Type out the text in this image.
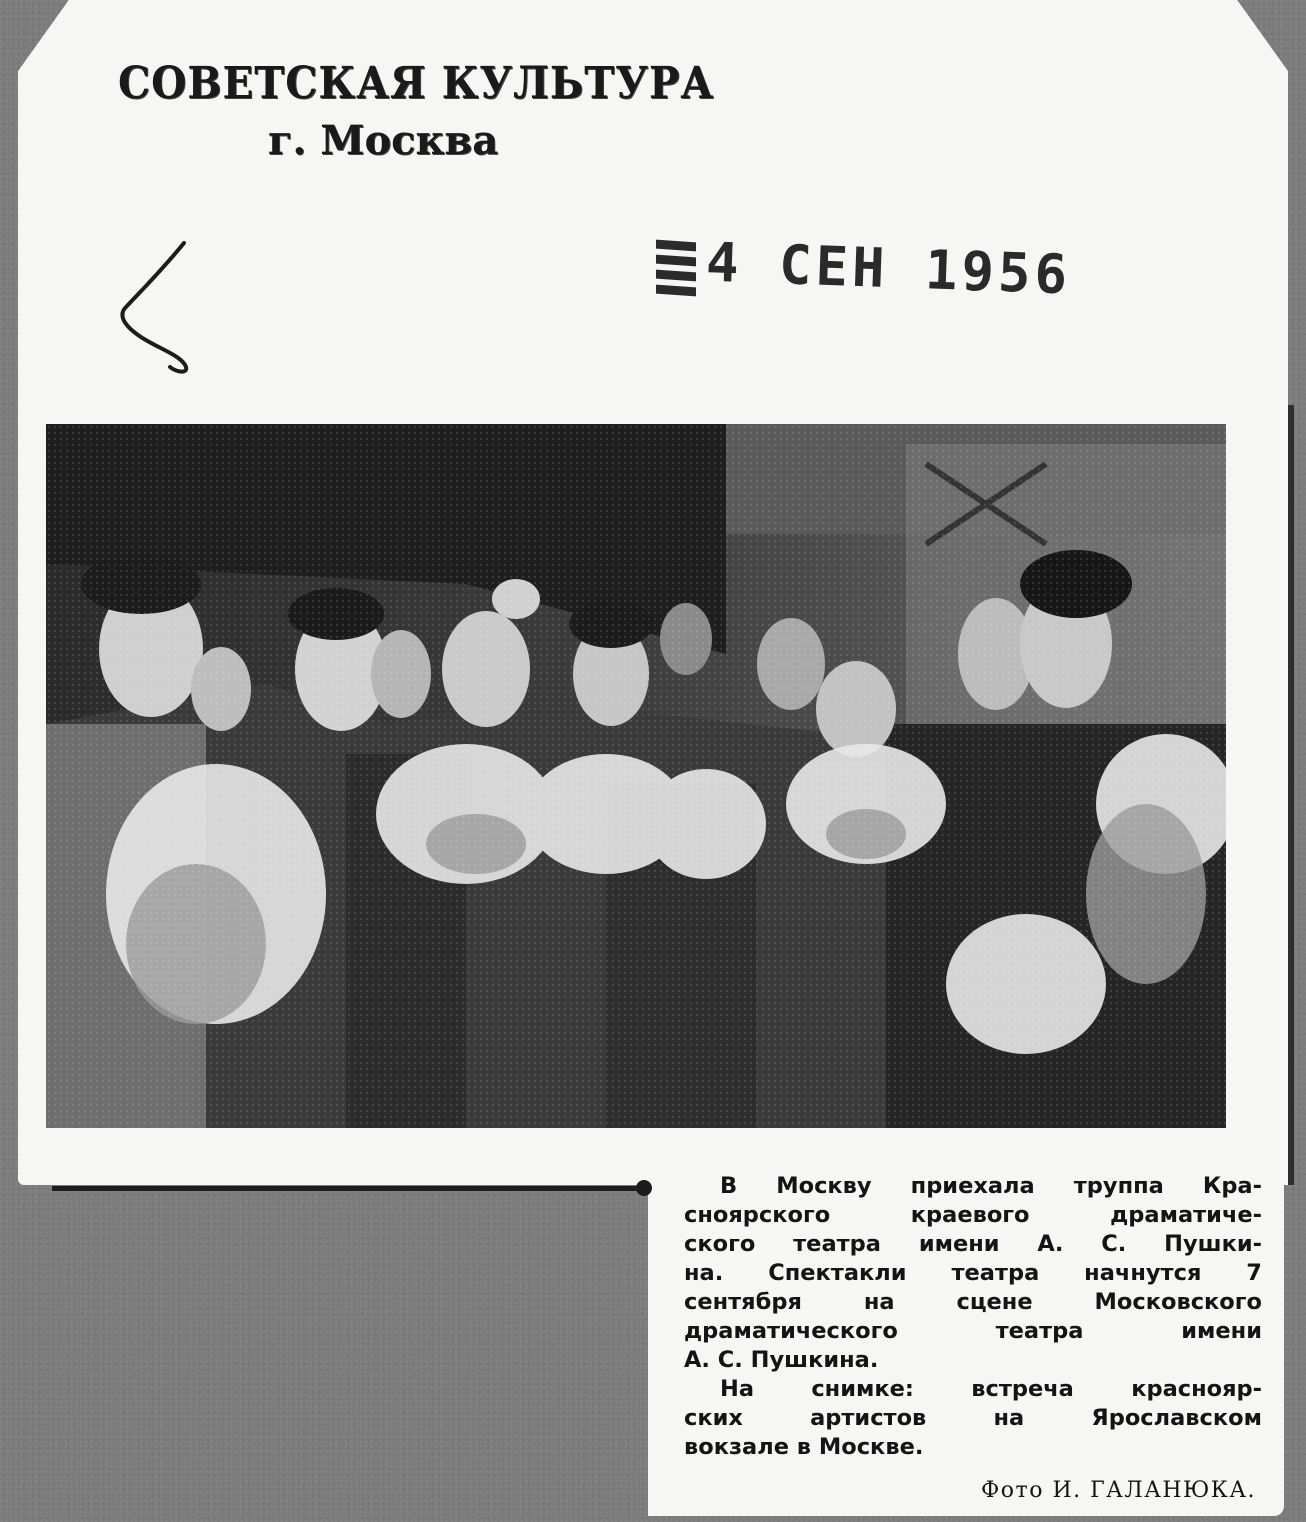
СОВЕТСКАЯ КУЛЬТУРА
г. Москва
4 СЕН 1956
В Москву приехала труппа Кра-
сноярского	краевого	драматиче-
ского театра имени А. С. Пушки-
на. Спектакли театра начнутся 7
сентября	на	сцене	Московского
драматического	театра	имени
А. С. Пушкина.
На	снимке:	встреча	краснояр-
ских	артистов	на	Ярославском
вокзале в Москве.
Фото И. ГАЛАНЮКА.
